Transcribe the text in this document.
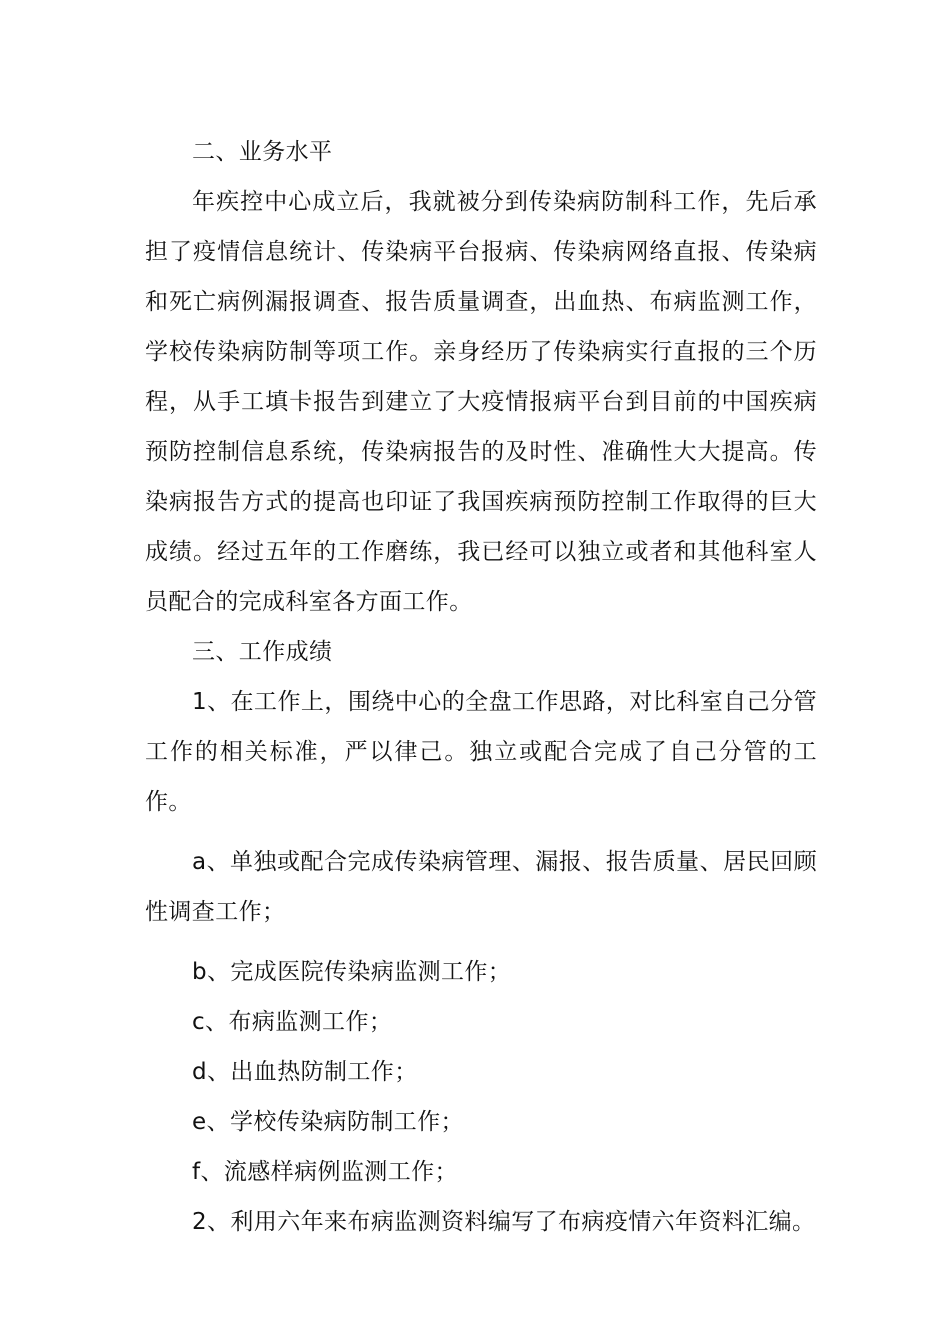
二、业务水平

年疾控中心成立后，我就被分到传染病防制科工作，先后承担了疫情信息统计、传染病平台报病、传染病网络直报、传染病和死亡病例漏报调查、报告质量调查，出血热、布病监测工作，学校传染病防制等项工作。亲身经历了传染病实行直报的三个历程，从手工填卡报告到建立了大疫情报病平台到目前的中国疾病预防控制信息系统，传染病报告的及时性、准确性大大提高。传染病报告方式的提高也印证了我国疾病预防控制工作取得的巨大成绩。经过五年的工作磨练，我已经可以独立或者和其他科室人员配合的完成科室各方面工作。

三、工作成绩

1、在工作上，围绕中心的全盘工作思路，对比科室自己分管工作的相关标准，严以律己。独立或配合完成了自己分管的工作。

a、单独或配合完成传染病管理、漏报、报告质量、居民回顾性调查工作；

b、完成医院传染病监测工作；

c、布病监测工作；

d、出血热防制工作；

e、学校传染病防制工作；

f、流感样病例监测工作；

2、利用六年来布病监测资料编写了布病疫情六年资料汇编。
